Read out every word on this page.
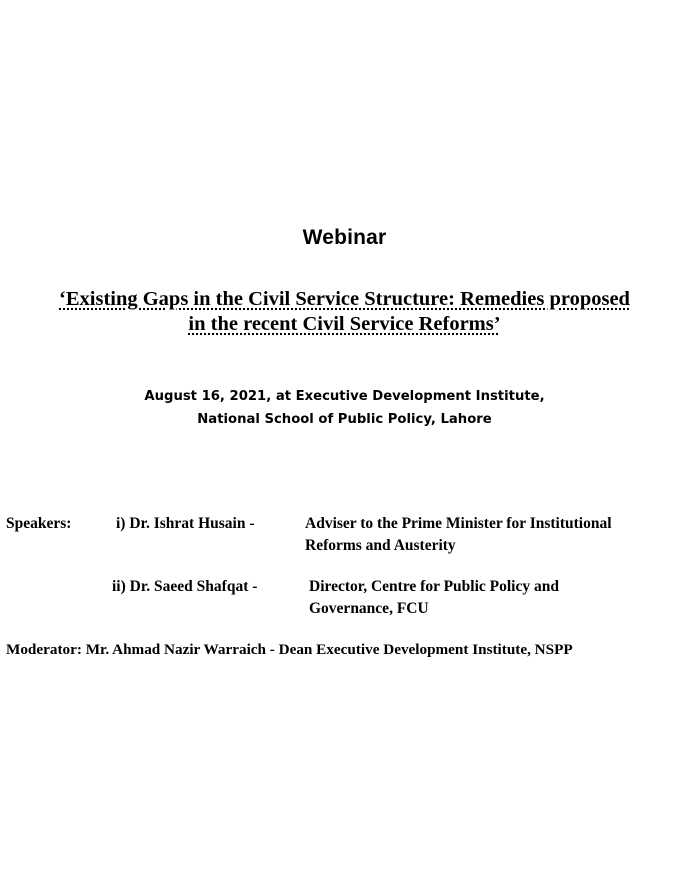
Webinar
‘Existing Gaps in the Civil Service Structure: Remedies proposed
in the recent Civil Service Reforms’
August 16, 2021, at Executive Development Institute,
National School of Public Policy, Lahore
Speakers:	i) Dr. Ishrat Husain -	Adviser to the Prime Minister for Institutional
Reforms and Austerity
ii) Dr. Saeed Shafqat -	Director, Centre for Public Policy and
Governance, FCU
Moderator: Mr. Ahmad Nazir Warraich - Dean Executive Development Institute, NSPP
